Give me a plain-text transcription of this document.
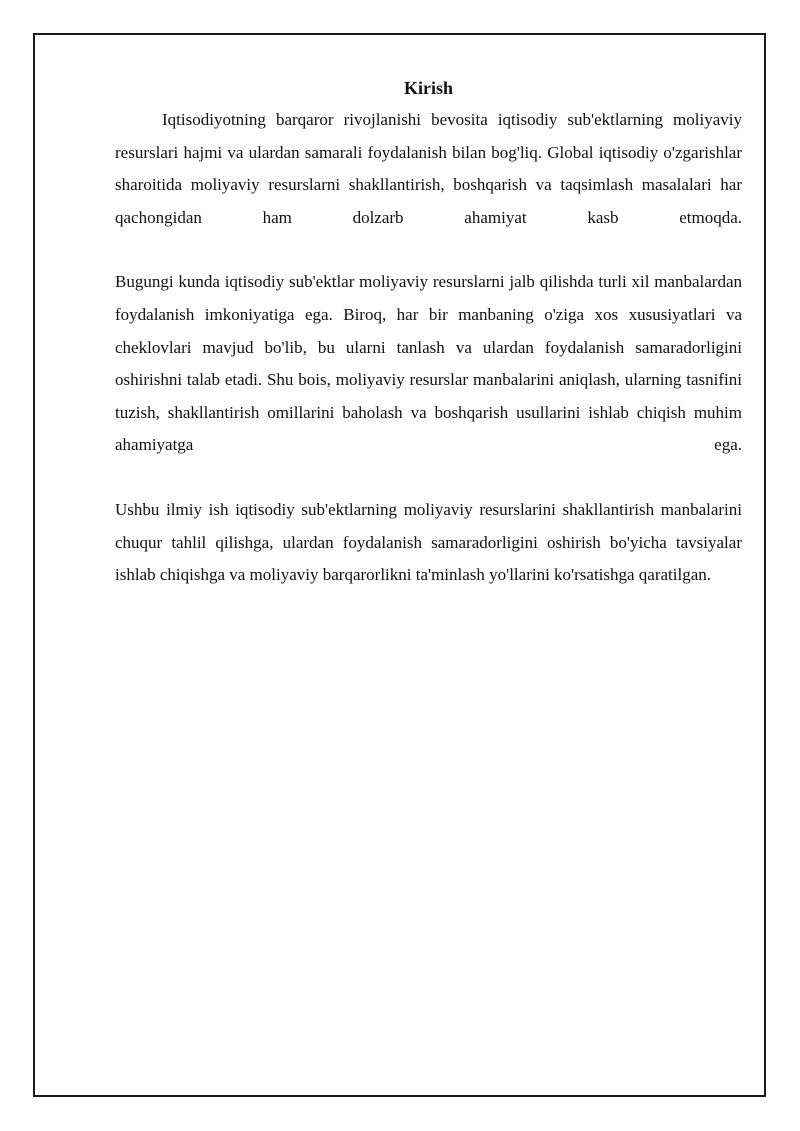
Kirish

Iqtisodiyotning barqaror rivojlanishi bevosita iqtisodiy sub'ektlarning moliyaviy resurslari hajmi va ulardan samarali foydalanish bilan bog'liq. Global iqtisodiy o'zgarishlar sharoitida moliyaviy resurslarni shakllantirish, boshqarish va taqsimlash masalalari har qachongidan ham dolzarb ahamiyat kasb etmoqda.

Bugungi kunda iqtisodiy sub'ektlar moliyaviy resurslarni jalb qilishda turli xil manbalardan foydalanish imkoniyatiga ega. Biroq, har bir manbaning o'ziga xos xususiyatlari va cheklovlari mavjud bo'lib, bu ularni tanlash va ulardan foydalanish samaradorligini oshirishni talab etadi. Shu bois, moliyaviy resurslar manbalarini aniqlash, ularning tasnifini tuzish, shakllantirish omillarini baholash va boshqarish usullarini ishlab chiqish muhim ahamiyatga ega.

Ushbu ilmiy ish iqtisodiy sub'ektlarning moliyaviy resurslarini shakllantirish manbalarini chuqur tahlil qilishga, ulardan foydalanish samaradorligini oshirish bo'yicha tavsiyalar ishlab chiqishga va moliyaviy barqarorlikni ta'minlash yo'llarini ko'rsatishga qaratilgan.
